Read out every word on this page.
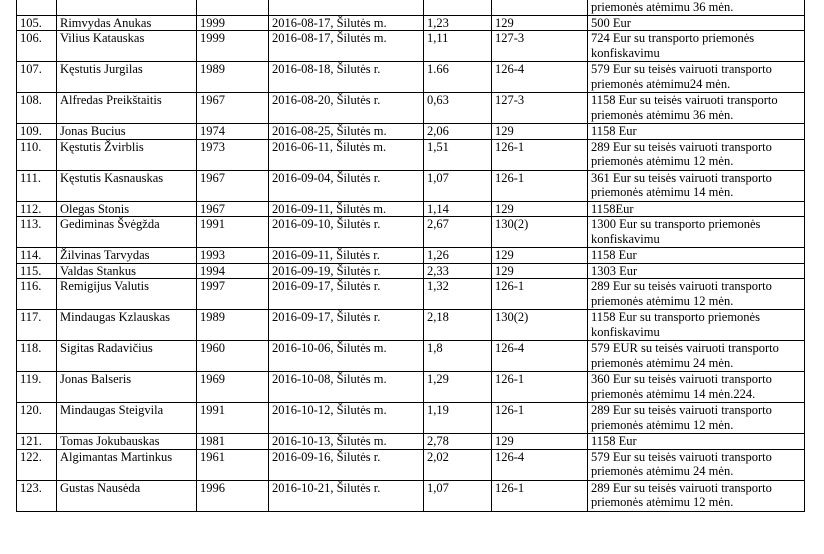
						priemonės atėmimu 36 mėn.
105.	Rimvydas Anukas	1999	2016-08-17, Šilutės m.	1,23	129	500 Eur
106.	Vilius Katauskas	1999	2016-08-17, Šilutės m.	1,11	127-3	724 Eur su transporto priemonės konfiskavimu
107.	Kęstutis Jurgilas	1989	2016-08-18, Šilutės r.	1.66	126-4	579 Eur su teisės vairuoti transporto priemonės atėmimu24 mėn.
108.	Alfredas Preikštaitis	1967	2016-08-20, Šilutės r.	0,63	127-3	1158 Eur su teisės vairuoti transporto priemonės atėmimu 36 mėn.
109.	Jonas Bucius	1974	2016-08-25, Šilutės m.	2,06	129	1158 Eur
110.	Kęstutis Žvirblis	1973	2016-06-11, Šilutės m.	1,51	126-1	289 Eur su teisės vairuoti transporto priemonės atėmimu 12 mėn.
111.	Kęstutis Kasnauskas	1967	2016-09-04, Šilutės r.	1,07	126-1	361 Eur su teisės vairuoti transporto priemonės atėmimu 14 mėn.
112.	Olegas Stonis	1967	2016-09-11, Šilutės m.	1,14	129	1158Eur
113.	Gediminas Švėgžda	1991	2016-09-10, Šilutės r.	2,67	130(2)	1300 Eur su transporto priemonės konfiskavimu
114.	Žilvinas Tarvydas	1993	2016-09-11, Šilutės r.	1,26	129	1158 Eur
115.	Valdas Stankus	1994	2016-09-19, Šilutės r.	2,33	129	1303 Eur
116.	Remigijus Valutis	1997	2016-09-17, Šilutės r.	1,32	126-1	289 Eur su teisės vairuoti transporto priemonės atėmimu 12 mėn.
117.	Mindaugas Kzlauskas	1989	2016-09-17, Šilutės r.	2,18	130(2)	1158 Eur su transporto priemonės konfiskavimu
118.	Sigitas Radavičius	1960	2016-10-06, Šilutės m.	1,8	126-4	579 EUR su teisės vairuoti transporto priemonės atėmimu 24 mėn.
119.	Jonas Balseris	1969	2016-10-08, Šilutės m.	1,29	126-1	360 Eur su teisės vairuoti transporto priemonės atėmimu 14 mėn.224.
120.	Mindaugas Steigvila	1991	2016-10-12, Šilutės m.	1,19	126-1	289 Eur su teisės vairuoti transporto priemonės atėmimu 12 mėn.
121.	Tomas Jokubauskas	1981	2016-10-13, Šilutės m.	2,78	129	1158 Eur
122.	Algimantas Martinkus	1961	2016-09-16, Šilutės r.	2,02	126-4	579 Eur su teisės vairuoti transporto priemonės atėmimu 24 mėn.
123.	Gustas Nausėda	1996	2016-10-21, Šilutės r.	1,07	126-1	289 Eur su teisės vairuoti transporto priemonės atėmimu 12 mėn.
